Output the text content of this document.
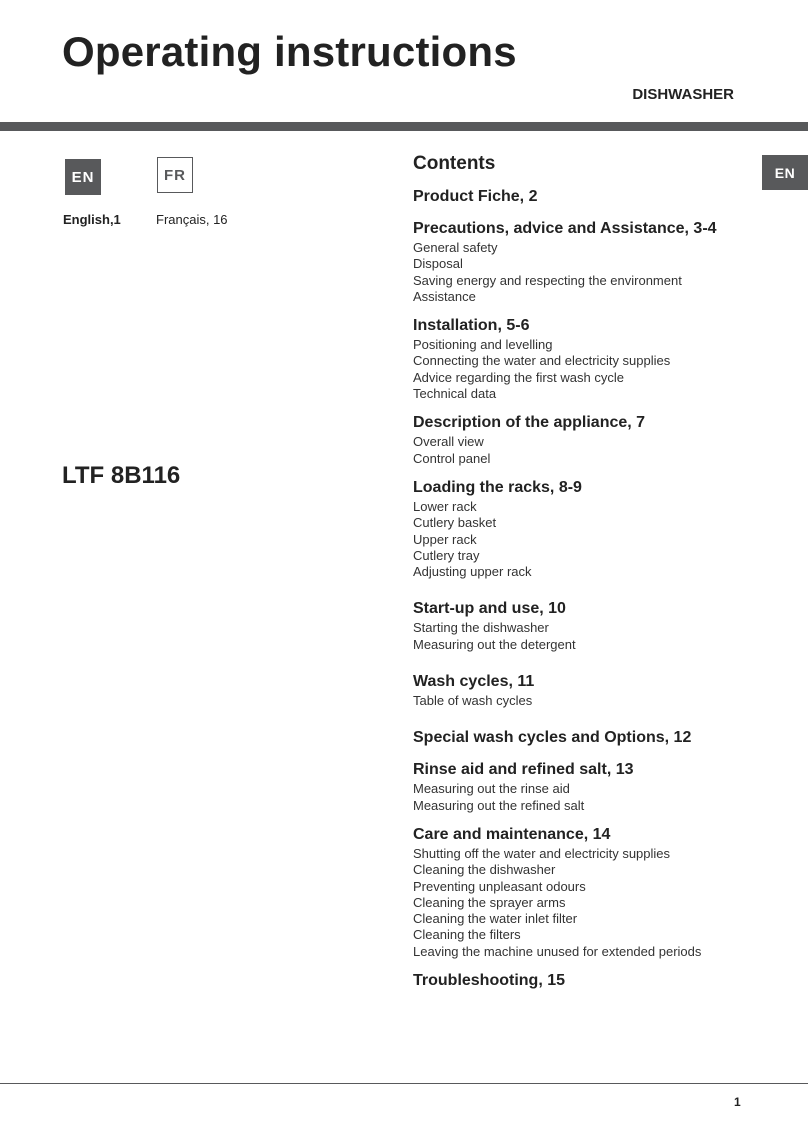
Operating instructions
DISHWASHER
EN	FR
English,1	Français, 16
LTF 8B116
EN
Contents
Product Fiche, 2
Precautions, advice and Assistance, 3-4
General safety
Disposal
Saving energy and respecting the environment
Assistance
Installation, 5-6
Positioning and levelling
Connecting the water and electricity supplies
Advice regarding the first wash cycle
Technical data
Description of the appliance, 7
Overall view
Control panel
Loading the racks, 8-9
Lower rack
Cutlery basket
Upper rack
Cutlery tray
Adjusting upper rack
Start-up and use, 10
Starting the dishwasher
Measuring out the detergent
Wash cycles, 11
Table of wash cycles
Special wash cycles and Options, 12
Rinse aid and refined salt, 13
Measuring out the rinse aid
Measuring out the refined salt
Care and maintenance, 14
Shutting off the water and electricity supplies
Cleaning the dishwasher
Preventing unpleasant odours
Cleaning the sprayer arms
Cleaning the water inlet filter
Cleaning the filters
Leaving the machine unused for extended periods
Troubleshooting, 15
1
